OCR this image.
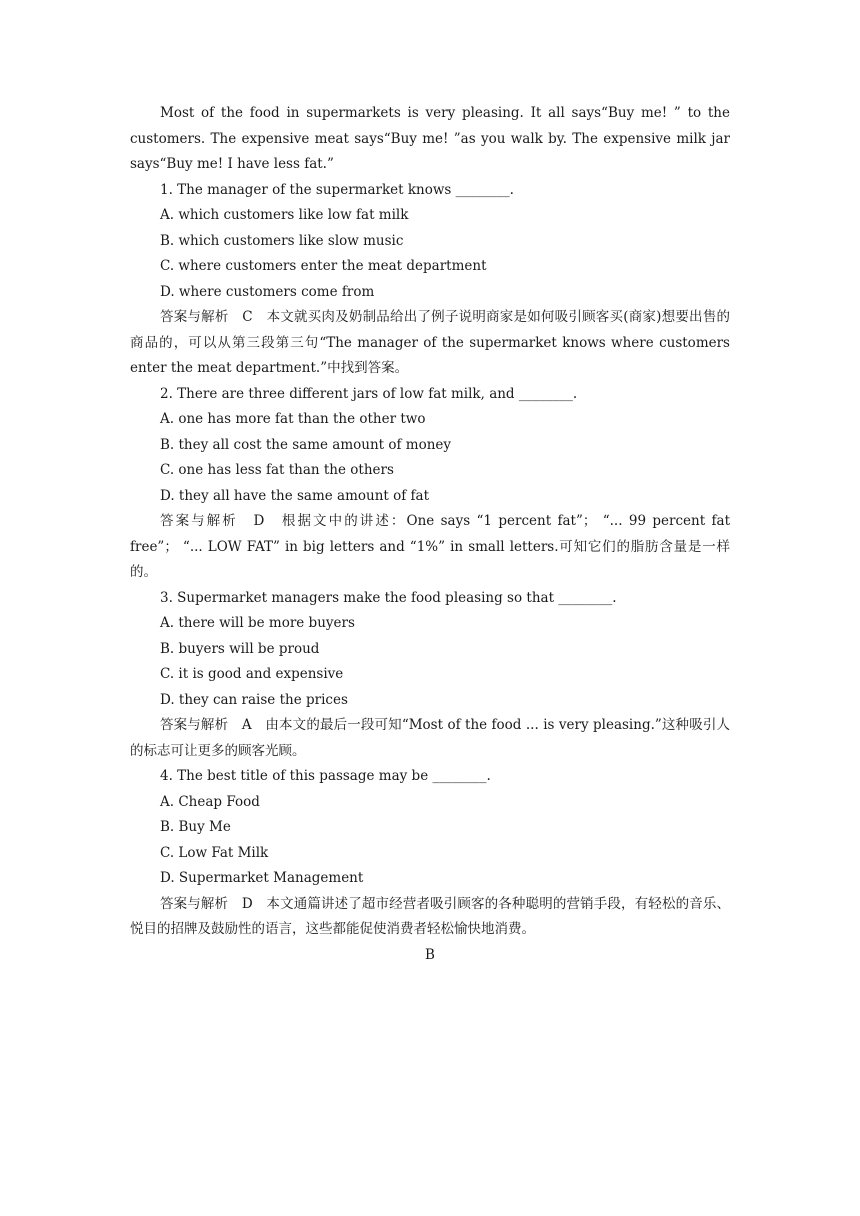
Most of the food in supermarkets is very pleasing. It all says“Buy me! ” to the customers. The expensive meat says“Buy me! ”as you walk by. The expensive milk jar says“Buy me! I have less fat.”

1. The manager of the supermarket knows ________.

A. which customers like low fat milk

B. which customers like slow music

C. where customers enter the meat department

D. where customers come from

答案与解析　C　本文就买肉及奶制品给出了例子说明商家是如何吸引顾客买(商家)想要出售的商品的，可以从第三段第三句“The manager of the supermarket knows where customers enter the meat department.”中找到答案。

2. There are three different jars of low fat milk, and ________.

A. one has more fat than the other two

B. they all cost the same amount of money

C. one has less fat than the others

D. they all have the same amount of fat

答案与解析　D　根据文中的讲述：One says “1 percent fat”； “... 99 percent fat free”； “... LOW FAT” in big letters and “1%” in small letters.可知它们的脂肪含量是一样的。

3. Supermarket managers make the food pleasing so that ________.

A. there will be more buyers

B. buyers will be proud

C. it is good and expensive

D. they can raise the prices

答案与解析　A　由本文的最后一段可知“Most of the food ... is very pleasing.”这种吸引人的标志可让更多的顾客光顾。

4. The best title of this passage may be ________.

A. Cheap Food

B. Buy Me

C. Low Fat Milk

D. Supermarket Management

答案与解析　D　本文通篇讲述了超市经营者吸引顾客的各种聪明的营销手段，有轻松的音乐、悦目的招牌及鼓励性的语言，这些都能促使消费者轻松愉快地消费。

B
